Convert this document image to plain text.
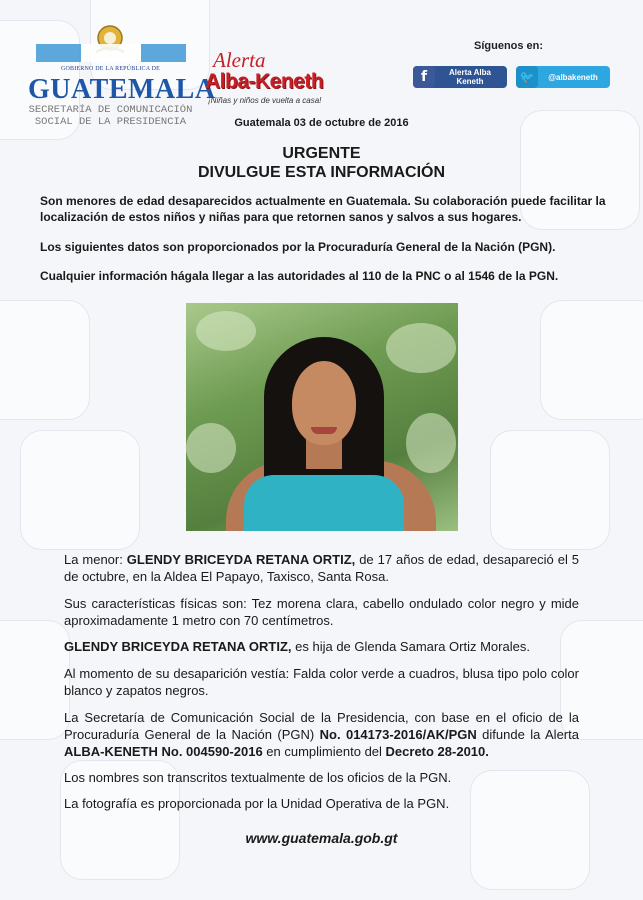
GOBIERNO DE LA REPÚBLICA DE
GUATEMALA
SECRETARÍA DE COMUNICACIÓN
SOCIAL DE LA PRESIDENCIA
Alerta
Alba-Keneth
¡Niñas y niños de vuelta a casa!
Síguenos en:
f	Alerta Alba Keneth	🐦	@albakeneth
Guatemala 03 de octubre de 2016
URGENTE
DIVULGUE ESTA INFORMACIÓN
Son menores de edad desaparecidos actualmente en Guatemala. Su colaboración puede facilitar la localización de estos niños y niñas para que retornen sanos y salvos a sus hogares.
Los siguientes datos son proporcionados por la Procuraduría General de la Nación (PGN).
Cualquier información hágala llegar a las autoridades al 110 de la PNC o al 1546 de la PGN.
La menor: GLENDY BRICEYDA RETANA ORTIZ, de 17 años de edad, desapareció el 5 de octubre, en la Aldea El Papayo, Taxisco, Santa Rosa.
Sus características físicas son: Tez morena clara, cabello ondulado color negro y mide aproximadamente 1 metro con 70 centímetros.
GLENDY BRICEYDA RETANA ORTIZ, es hija de Glenda Samara Ortiz Morales.
Al momento de su desaparición vestía: Falda color verde a cuadros, blusa tipo polo color blanco y zapatos negros.
La Secretaría de Comunicación Social de la Presidencia, con base en el oficio de la Procuraduría General de la Nación (PGN) No. 014173-2016/AK/PGN difunde la Alerta ALBA-KENETH No. 004590-2016 en cumplimiento del Decreto 28-2010.
Los nombres son transcritos textualmente de los oficios de la PGN.
La fotografía es proporcionada por la Unidad Operativa de la PGN.
www.guatemala.gob.gt
